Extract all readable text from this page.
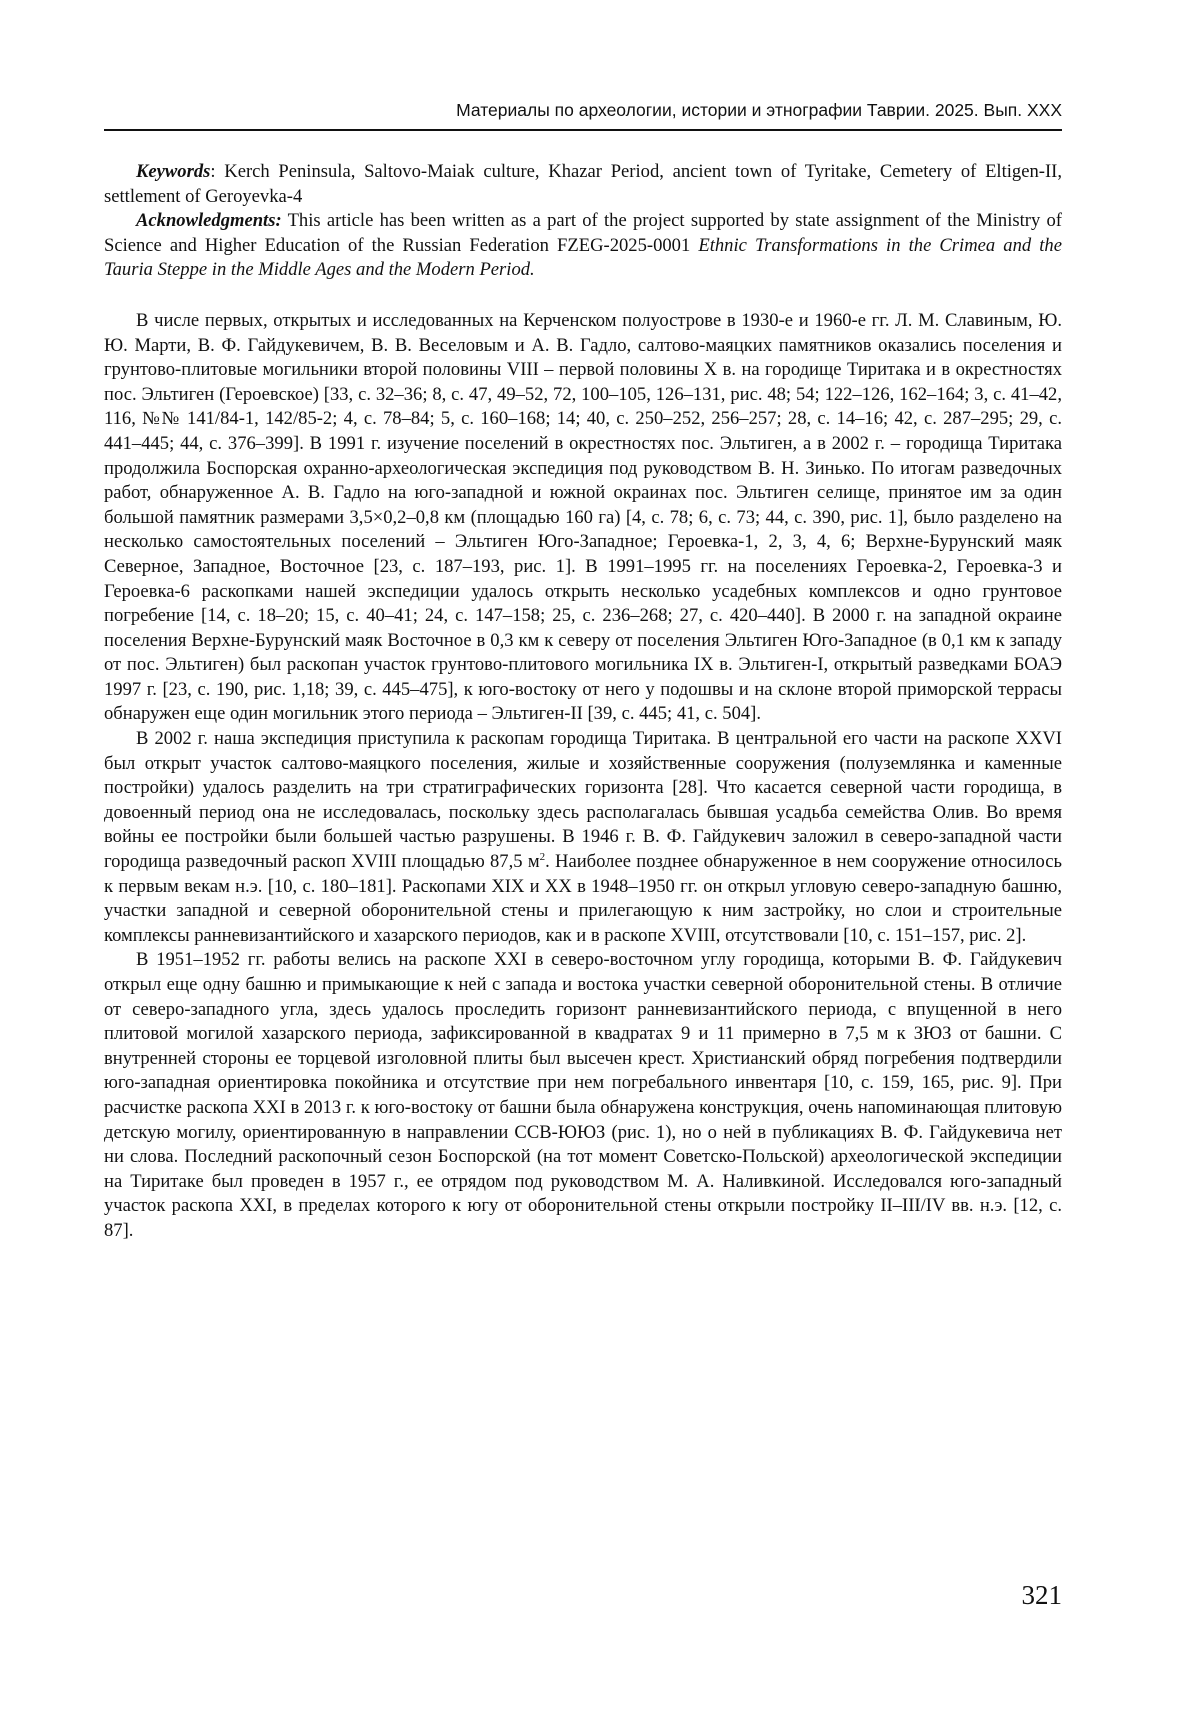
Материалы по археологии, истории и этнографии Таврии. 2025. Вып. XXX

Keywords: Kerch Peninsula, Saltovo-Maiak culture, Khazar Period, ancient town of Tyritake, Cemetery of Eltigen-II, settlement of Geroyevka-4

Acknowledgments: This article has been written as a part of the project supported by state assignment of the Ministry of Science and Higher Education of the Russian Federation FZEG-2025-0001 Ethnic Transformations in the Crimea and the Tauria Steppe in the Middle Ages and the Modern Period.

В числе первых, открытых и исследованных на Керченском полуострове в 1930-е и 1960-е гг. Л. М. Славиным, Ю. Ю. Марти, В. Ф. Гайдукевичем, В. В. Веселовым и А. В. Гадло, салтово-маяцких памятников оказались поселения и грунтово-плитовые могильники второй половины VIII – первой половины X в. на городище Тиритака и в окрестностях пос. Эльтиген (Героевское) [33, с. 32–36; 8, с. 47, 49–52, 72, 100–105, 126–131, рис. 48; 54; 122–126, 162–164; 3, с. 41–42, 116, №№ 141/84-1, 142/85-2; 4, с. 78–84; 5, с. 160–168; 14; 40, с. 250–252, 256–257; 28, с. 14–16; 42, с. 287–295; 29, с. 441–445; 44, с. 376–399]. В 1991 г. изучение поселений в окрестностях пос. Эльтиген, а в 2002 г. – городища Тиритака продолжила Боспорская охранно-археологическая экспедиция под руководством В. Н. Зинько. По итогам разведочных работ, обнаруженное А. В. Гадло на юго-западной и южной окраинах пос. Эльтиген селище, принятое им за один большой памятник размерами 3,5×0,2–0,8 км (площадью 160 га) [4, с. 78; 6, с. 73; 44, с. 390, рис. 1], было разделено на несколько самостоятельных поселений – Эльтиген Юго-Западное; Героевка-1, 2, 3, 4, 6; Верхне-Бурунский маяк Северное, Западное, Восточное [23, с. 187–193, рис. 1]. В 1991–1995 гг. на поселениях Героевка-2, Героевка-3 и Героевка-6 раскопками нашей экспедиции удалось открыть несколько усадебных комплексов и одно грунтовое погребение [14, с. 18–20; 15, с. 40–41; 24, с. 147–158; 25, с. 236–268; 27, с. 420–440]. В 2000 г. на западной окраине поселения Верхне-Бурунский маяк Восточное в 0,3 км к северу от поселения Эльтиген Юго-Западное (в 0,1 км к западу от пос. Эльтиген) был раскопан участок грунтово-плитового могильника IX в. Эльтиген-I, открытый разведками БОАЭ 1997 г. [23, с. 190, рис. 1,18; 39, с. 445–475], к юго-востоку от него у подошвы и на склоне второй приморской террасы обнаружен еще один могильник этого периода – Эльтиген-II [39, с. 445; 41, с. 504].

В 2002 г. наша экспедиция приступила к раскопам городища Тиритака. В центральной его части на раскопе XXVI был открыт участок салтово-маяцкого поселения, жилые и хозяйственные сооружения (полуземлянка и каменные постройки) удалось разделить на три стратиграфических горизонта [28]. Что касается северной части городища, в довоенный период она не исследовалась, поскольку здесь располагалась бывшая усадьба семейства Олив. Во время войны ее постройки были большей частью разрушены. В 1946 г. В. Ф. Гайдукевич заложил в северо-западной части городища разведочный раскоп XVIII площадью 87,5 $м^2$. Наиболее позднее обнаруженное в нем сооружение относилось к первым векам н.э. [10, с. 180–181]. Раскопами XIX и XX в 1948–1950 гг. он открыл угловую северо-западную башню, участки западной и северной оборонительной стены и прилегающую к ним застройку, но слои и строительные комплексы ранневизантийского и хазарского периодов, как и в раскопе XVIII, отсутствовали [10, с. 151–157, рис. 2].

В 1951–1952 гг. работы велись на раскопе XXI в северо-восточном углу городища, которыми В. Ф. Гайдукевич открыл еще одну башню и примыкающие к ней с запада и востока участки северной оборонительной стены. В отличие от северо-западного угла, здесь удалось проследить горизонт ранневизантийского периода, с впущенной в него плитовой могилой хазарского периода, зафиксированной в квадратах 9 и 11 примерно в 7,5 м к ЗЮЗ от башни. С внутренней стороны ее торцевой изголовной плиты был высечен крест. Христианский обряд погребения подтвердили юго-западная ориентировка покойника и отсутствие при нем погребального инвентаря [10, с. 159, 165, рис. 9]. При расчистке раскопа XXI в 2013 г. к юго-востоку от башни была обнаружена конструкция, очень напоминающая плитовую детскую могилу, ориентированную в направлении ССВ-ЮЮЗ (рис. 1), но о ней в публикациях В. Ф. Гайдукевича нет ни слова. Последний раскопочный сезон Боспорской (на тот момент Советско-Польской) археологической экспедиции на Тиритаке был проведен в 1957 г., ее отрядом под руководством М. А. Наливкиной. Исследовался юго-западный участок раскопа XXI, в пределах которого к югу от оборонительной стены открыли постройку II–III/IV вв. н.э. [12, с. 87].

321
